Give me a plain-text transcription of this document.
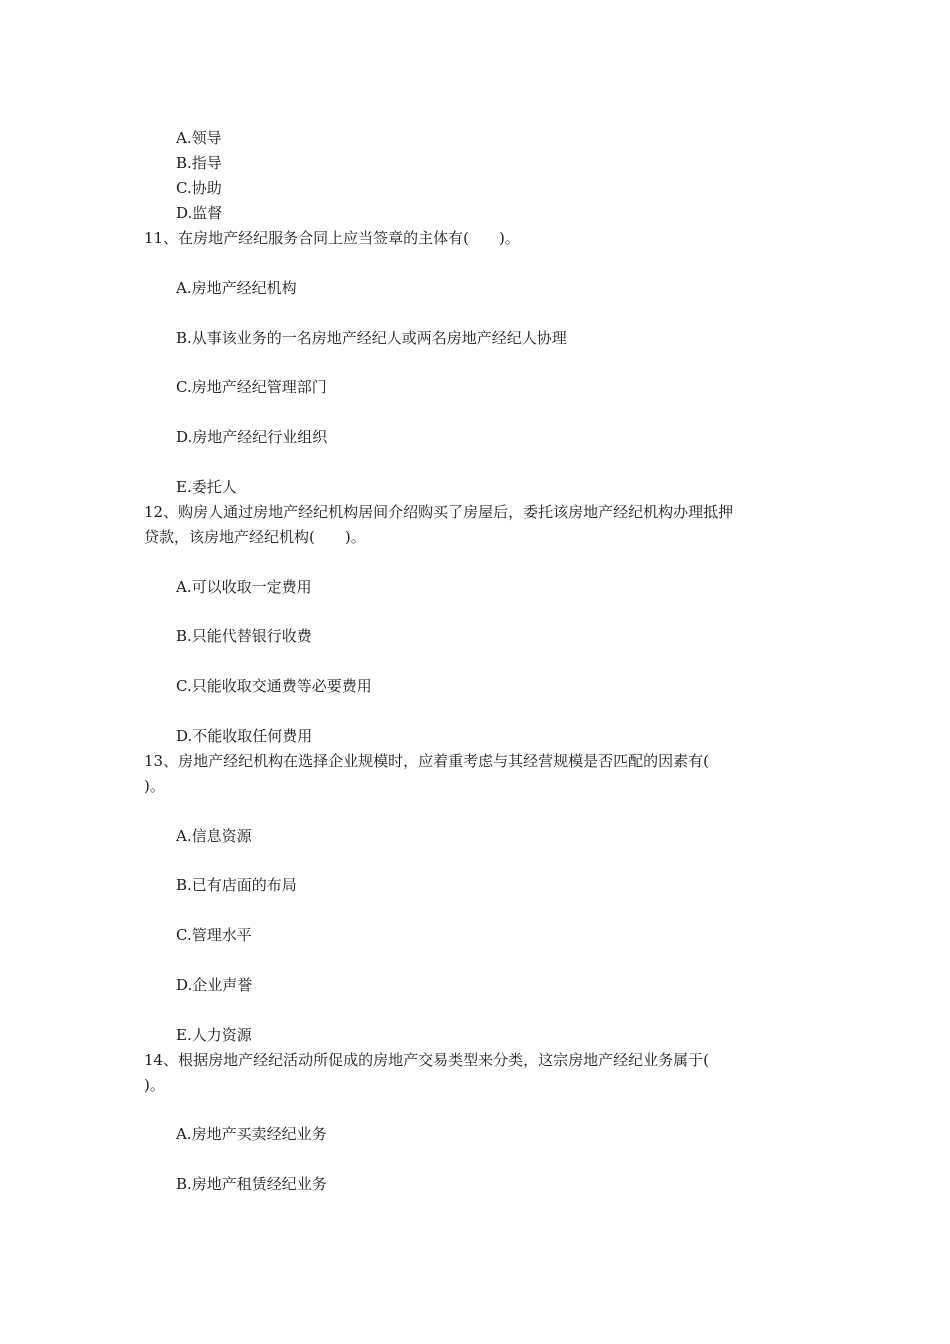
A.领导
B.指导
C.协助
D.监督
11、在房地产经纪服务合同上应当签章的主体有(　　)。
A.房地产经纪机构
B.从事该业务的一名房地产经纪人或两名房地产经纪人协理
C.房地产经纪管理部门
D.房地产经纪行业组织
E.委托人
12、购房人通过房地产经纪机构居间介绍购买了房屋后，委托该房地产经纪机构办理抵押
贷款，该房地产经纪机构(　　)。
A.可以收取一定费用
B.只能代替银行收费
C.只能收取交通费等必要费用
D.不能收取任何费用
13、房地产经纪机构在选择企业规模时，应着重考虑与其经营规模是否匹配的因素有(
)。
A.信息资源
B.已有店面的布局
C.管理水平
D.企业声誉
E.人力资源
14、根据房地产经纪活动所促成的房地产交易类型来分类，这宗房地产经纪业务属于(
)。
A.房地产买卖经纪业务
B.房地产租赁经纪业务
